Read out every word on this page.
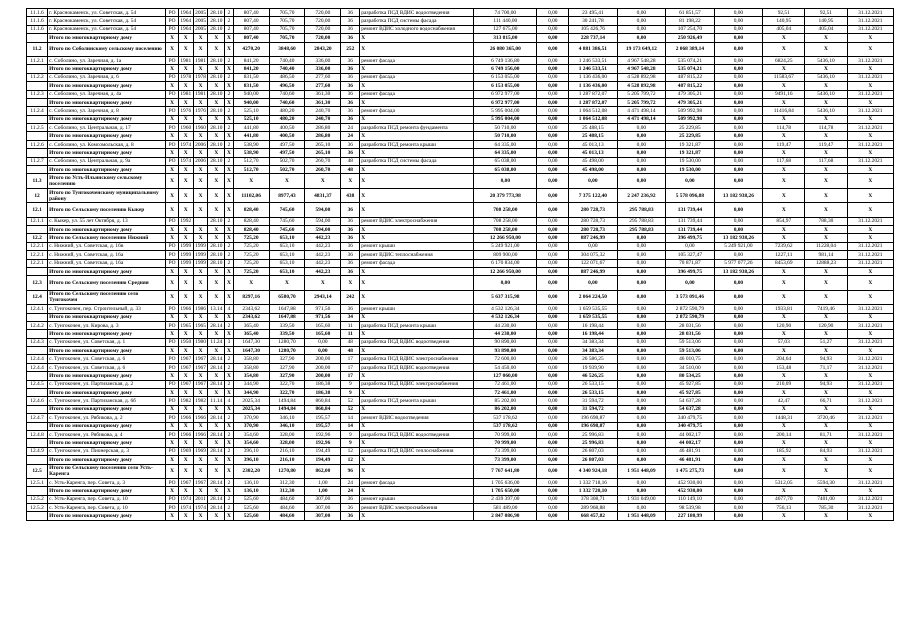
11.1.6	г. Краснокаменск, ул. Советская, д. 54	РО	1964	2005	28.10	2	807,40	705,70	720,00	36	разработка ПСД ВДИС водоотведения	74 700,00	0,00	23 495,41	0,00	61 851,57	0,00	92,51	92,51	31.12.2021
11.1.6	г. Краснокаменск, ул. Советская, д. 54	РО	1964	2005	28.10	2	807,40	705,70	720,00	36	разработка ПСД системы фасада	111 440,00	0,00	30 241,78	0,00	81 198,22	0,00	140,95	140,95	31.12.2021
11.1.6	г. Краснокаменск, ул. Советская, д. 54	РО	1964	2005	28.10	2	807,40	705,70	720,00	36	ремонт ВДИС холодного водоснабжения	127 675,00	0,00	105 426,76	0,00	107 254,70	0,00	405,04	405,04	31.12.2021
	Итого по многоквартирному дому	X	X	X	X	X	807,40	705,70	720,00	36	X	313 815,00	0,00	228 737,14	0,00	250 926,49	0,00	X	X	X
11.2	Итого по Соболинскому сельскому поселению	X	X	X	X	X	4270,20	3848,60	2843,20	252	X	26 080 365,00	0,00	4 881 386,51	19 173 649,12	2 068 389,14	0,00	X	X	X
11.2.1	с. Соболино, ул. Заречная, д. 1а	РО	1981	1981	28.10	2	841,20	740,40	336,00	36	ремонт фасада	6 749 136,80	0,00	1 246 533,51	4 967 548,28	535 074,21	0,00	6824,25	5436,10	31.12.2021
	Итого по многоквартирному дому	X	X	X	X	X	841,20	740,40	336,00	36	X	6 749 156,00	0,00	1 246 533,51	4 967 548,28	535 074,21	0,00	X	X	X
11.2.2	с. Соболино, ул. Заречная, д. 6	РО	1978	1978	28.10	2	831,50	486,50	277,60	36	ремонт фасада	6 153 055,00	0,00	1 136 436,00	4 528 892,98	487 815,22	0,00	11583,67	5436,10	31.12.2021
	Итого по многоквартирному дому	X	X	X	X	X	831,50	496,50	277,60	36	X	6 153 055,00	0,00	1 136 436,00	4 528 892,98	487 815,22	0,00	X	X	X
11.2.3	с. Соболино, ул. Заречная, д. 4а	РО	1981	1981	28.10	2	940,00	740,60	361,30	36	ремонт фасада	6 972 977,00	0,00	1 287 872,07	5 205 799,72	479 305,21	0,00	9491,16	5436,10	31.12.2021
	Итого по многоквартирному дому	X	X	X	X	X	940,00	740,60	361,30	36	X	6 972 977,00	0,00	1 287 872,07	5 205 799,72	479 305,21	0,00	X	X	X
11.2.4	с. Соболино, ул. Заречная, д. 8	РО	1976	1976	28.10	2	525,10	480,20	240,70	36	ремонт фасада	5 995 004,00	0,00	1 064 512,08	4 471 498,14	509 992,98	0,00	11416,84	5436,10	31.12.2021
	Итого по многоквартирному дому	X	X	X	X	X	525,10	480,20	240,70	36	X	5 995 004,00	0,00	1 064 512,08	4 471 498,14	509 992,98	0,00	X	X	X
11.2.5	с. Соболино, ул. Центральная, д. 17	РО	1960	1960	28.10	2	441,80	400,50	286,80	24	разработка ПСД ремонта фундамента	50 710,00	0,00	25 488,15	0,00	25 229,85	0,00	114,78	114,78	31.12.2021
	Итого по многоквартирному дому	X	X	X	X	X	441,80	400,50	286,80	24	X	50 710,00	0,00	25 488,15	0,00	25 229,85	0,00	X	X	X
11.2.6	с. Соболино, ул. Комсомольская, д. 8	РО	1974	2006	28.10	2	538,90	497,50	265,10	36	разработка ПСД ремонта крыши	64 335,00	0,00	45 013,13	0,00	19 321,87	0,00	119,47	119,47	31.12.2021
	Итого по многоквартирному дому	X	X	X	X	X	538,90	497,50	265,10	36	X	64 335,00	0,00	45 013,13	0,00	19 321,87	0,00	X	X	X
11.2.7	с. Соболино, ул. Центральная, д. 9а	РО	1974	2006	28.10	2	512,70	502,70	260,70	48	разработка ПСД системы фасада	65 038,00	0,00	45 498,00	0,00	19 530,00	0,00	117,68	117,68	31.12.2021
	Итого по многоквартирному дому	X	X	X	X	X	512,70	502,70	260,70	48	X	65 038,00	0,00	45 498,00	0,00	19 530,00	0,00	X	X	X
11.3	Итого по Усть-Ильинскому сельскому поселению	X	X	X	X	X	X	X	X	X	X	0,00	0,00	0,00	0,00	0,00	0,00	X	X	X
12	Итого по Тунгокоченскому муниципальному району	X	X	X	X	X	11102,06	8977,43	4831,37	438	X	20 379 773,98	0,00	7 375 122,40	2 247 236,92	5 578 096,88	13 182 938,26	X	X	X
12.1	Итого по Сельскому поселению Кыкер	X	X	X	X	X	828,40	745,60	594,00	36	X	708 258,00	0,00	280 728,73	295 788,83	131 739,44	0,00	X	X	X
12.1.1	с. Кыкер, ул. 55 лет Октября, д. 13	РО	1992		28.10	2	828,40	745,60	594,00	36	ремонт ВДИС электроснабжения	708 258,00	0,00	280 728,73	295 788,83	131 739,44	0,00	854,97	788,30	31.12.2021
	Итого по многоквартирному дому	X	X	X	X	X	828,40	745,60	594,00	36	X	708 258,00	0,00	280 728,73	295 788,83	131 739,44	0,00	X	X	X
12.2	Итого по Сельскому поселению Нижний	X	X	X	X	X	725,20	653,10	442,23	36	X	12 266 950,00	0,00	887 246,99	0,00	396 499,75	13 182 938,26	X	X	X
12.2.1	с. Нижний, ул. Советская, д. 16в	РО	1999	1999	28.10	2	725,20	653,10	442,23	36	ремонт крыши	5 249 921,00	0,00	0,00	0,00	0,00	5 249 921,00	7239,62	11228,04	31.12.2021
12.2.1	с. Нижний, ул. Советская, д. 16а	РО	1999	1999	28.10	2	725,20	653,10	442,23	36	ремонт ВДИС теплоснабжения	809 900,00	0,00	304 075,32	0,00	105 327,47	0,00	1227,11	981,14	31.12.2021
12.2.1	с. Нижний, ул. Советская, д. 16а	РО	1999	1999	28.10	2	725,20	653,10	442,23	36	ремонт фасада	6 170 834,00	0,00	122 071,67	0,00	70 871,87	5 977 077,26	8453,69	12888,23	31.12.2021
	Итого по многоквартирному дому	X	X	X	X	X	725,20	653,10	442,23	36	X	12 266 950,00	0,00	887 246,99	0,00	396 499,75	13 182 938,26	X	X	X
12.3	Итого по Сельскому поселению Средняя	X	X	X	X	X	X	X	X	X	X	0,00	0,00	0,00	0,00	0,00	0,00	X	X	X
12.4	Итого по Сельскому поселению село Тунгокочен	X	X	X	X	X	8297,16	6580,70	2943,14	242	X	5 637 315,98	0,00	2 064 224,50	0,00	3 573 091,46	0,00	X	X	X
12.4.1	с. Тунгокочен, пер. Строительный, д. 33	РО	1966	1986	13.14	4	2343,62	1647,88	971,56	36	ремонт крыши	4 532 126,34	0,00	1 659 535,55	0,00	2 872 590,79	0,00	1933,81	7419,46	31.12.2021
	Итого по многоквартирному дому	X	X	X	X	X	2343,62	1647,88	971,56	34	X	4 532 126,34	0,00	1 659 535,55	0,00	2 872 590,79	0,00	X	X	X
12.4.2	с. Тунгокочен, ул. Кирова, д. 3	РО	1965	1965	28.14	2	365,40	339,50	165,60	11	разработка ПСД ремонта крыши	44 230,00	0,00	16 198,44	0,00	28 031,56	0,00	120,90	120,90	31.12.2021
	Итого по многоквартирному дому	X	X	X	X	X	365,40	339,50	165,60	11	X	44 230,00	0,00	16 198,44	0,00	28 031,56	0,00	X	X	X
12.4.3	с. Тунгокочен, ул. Советская, д. 1	РО	1950	1980	11.24	3	1647,30	1280,70	0,00	48	разработка ПСД ВДИС водоотведения	90 890,00	0,00	34 383,34	0,00	59 513,06	0,00	57,03	51,27	31.12.2021
	Итого по многоквартирному дому	X	X	X	X	X	1647,30	1280,70	0,00	48	X	93 890,00	0,00	34 383,34	0,00	59 513,06	0,00	X	X	X
12.4.4	с. Тунгокочен, ул. Советская, д. 6	РО	1967	1967	28.14	2	358,80	327,90	200,00	17	разработка ПСД ВДИС электроснабжения	72 600,00	0,00	26 586,25	0,00	46 010,75	0,00	204,64	94,93	31.12.2021
12.4.4	с. Тунгокочен, ул. Советская, д. 6	РО	1967	1967	28.14	2	358,80	327,90	200,00	17	разработка ПСД ВДИС водоотведения	54 450,00	0,00	19 939,90	0,00	34 510,00	0,00	153,48	71,17	31.12.2021
	Итого по многоквартирному дому	X	X	X	X	X	354,80	327,90	200,00	17	X	127 060,00	0,00	46 526,25	0,00	80 534,25	0,00	X	X	X
12.4.5	с. Тунгокочен, ул. Партизанская, д. 2	РО	1967	1967	28.14	2	344,90	322,70	186,38	9	разработка ПСД ВДИС электроснабжения	72 461,00	0,00	26 533,15	0,00	45 927,85	0,00	210,09	94,93	31.12.2021
	Итого по многоквартирному дому	X	X	X	X	X	344,90	322,70	186,38	9	X	72 461,00	0,00	26 533,15	0,00	45 927,85	0,00	X	X	X
12.4.6	с. Тунгокочен, ул. Партизанская, д. 6б	РО	1982	1982	11.14	4	2025,34	1494,84	860,84	52	разработка ПСД ремонта крыши	85 202,00	0,00	31 594,72	0,00	54 637,28	0,00	42,47	66,71	31.12.2021
	Итого по многоквартирному дому	X	X	X	X	X	2025,34	1494,84	860,84	52	X	86 202,00	0,00	31 594,72	0,00	54 637,28	0,00	X	X	X
12.4.7	с. Тунгокочен, ул. Рябикова, д. 2	РО	1966	1966	28.14	2	370,90	346,10	195,57	14	ремонт ВДИС водоотведения	537 178,62	0,00	196 698,87	0,00	340 479,75	0,00	1448,31	3720,46	31.12.2021
	Итого по многоквартирному дому	X	X	X	X	X	370,90	346,10	195,57	14	X	537 178,62	0,00	196 698,87	0,00	340 479,75	0,00	X	X	X
12.4.8	с. Тунгокочен, ул. Рябикова, д. 4	РО	1966	1966	28.14	2	354,60	328,00	192,96	9	разработка ПСД ВДИС водоотведения	70 999,00	0,00	25 996,83	0,00	44 002,17	0,00	200,14	81,71	31.12.2021
	Итого по многоквартирному дому	X	X	X	X	X	354,60	328,00	192,96	9	X	70 999,00	0,00	25 996,83	0,00	44 002,17	0,00	X	X	X
12.4.9	с. Тунгокочен, ул. Пионерская, д. 3	РО	1969	1969	28.14	2	396,10	216,10	194,49	12	разработка ПСД ВДИС теплоснабжения	73 399,00	0,00	26 807,03	0,00	46 481,91	0,00	185,92	84,93	31.12.2021
	Итого по многоквартирному дому	X	X	X	X	X	396,10	216,10	194,49	12	X	73 399,00	0,00	26 807,03	0,00	46 481,91	0,00	X	X	X
12.5	Итого по Сельскому поселению село Усть-Каренга	X	X	X	X	X	2302,20	1270,80	862,00	96	X	7 767 641,80	0,00	4 340 924,18	1 951 448,09	1 475 275,73	0,00	X	X	X
12.5.1	с. Усть-Каренга, пер. Совета, д. 3	РО	1967	1967	28.14	2	136,10	312,30	1,00	24	ремонт фасада	1 705 636,00	0,00	1 332 718,16	0,00	452 930,00	0,00	5312,05	5594,30	31.12.2021
	Итого по многоквартирному дому	X	X	X	X	X	136,10	312,30	1,00	24	X	1 705 650,00	0,00	1 332 720,10	0,00	452 930,00	0,00	X	X	X
12.5.2	с. Усть-Каренга, пер. Совета, д. 10	РО	1974	2011	28.14	2	525,60	484,60	307,00	36	ремонт крыши	2 439 397,00	0,00	378 308,71	1 931 049,00	110 149,10	0,00	4677,70	7401,00	31.12.2021
12.5.2	с. Усть-Каренга, пер. Совета, д. 10	РО	1974	1974	28.14	2	525,60	484,60	307,00	36	ремонт ВДИС электроснабжения	581 489,00	0,00	289 968,88	0,00	98 539,98	0,00	756,13	785,30	31.12.2021
	Итого по многоквартирному дому	X	X	X	X	X	525,60	484,60	307,00	36	X	2 847 086,90	0,00	668 457,82	1 951 448,09	227 180,99	0,00	X	X	X
